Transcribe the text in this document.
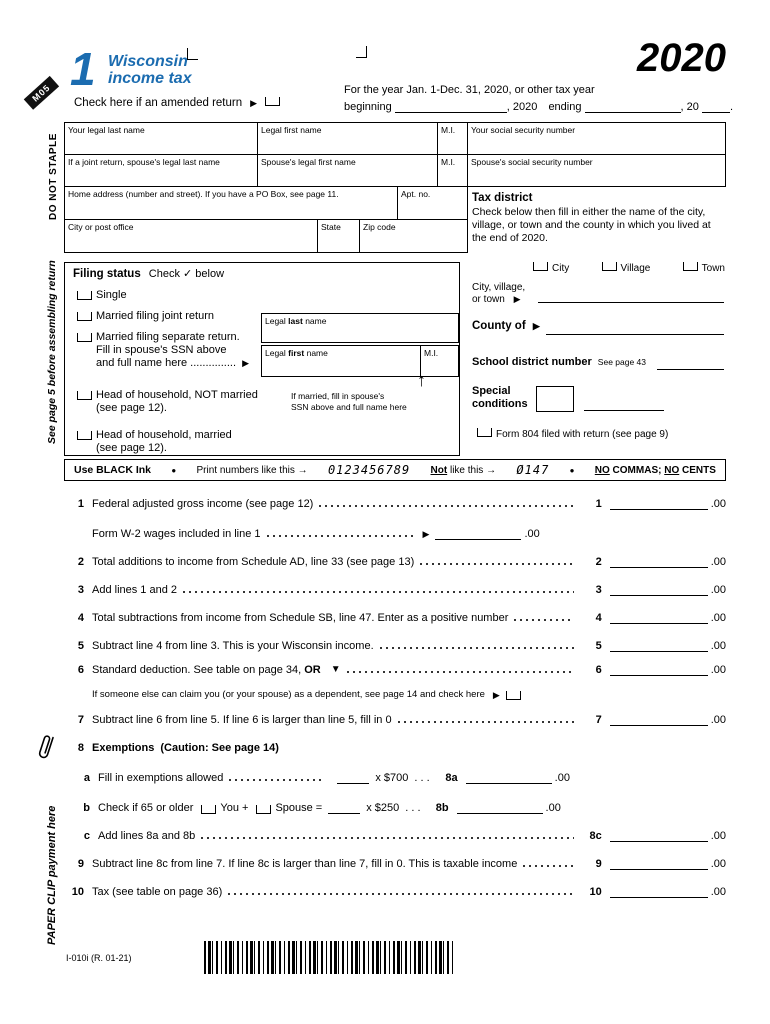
M05
DO NOT STAPLE
See page 5 before assembling return
PAPER CLIP payment here
1 Wisconsin
income tax	2020
For the year Jan. 1-Dec. 31, 2020, or other tax year
Check here if an amended return ▶	beginning	, 2020 ending	, 20	.
Your legal last name	Legal first name	M.I.	Your social security number
If a joint return, spouse's legal last name	Spouse's legal first name	M.I.	Spouse's social security number
Home address (number and street). If you have a PO Box, see page 11.	Apt. no.
City or post office	State	Zip code
Tax district
Check below then fill in either the name of the city, village, or town and the county in which you lived at the end of 2020.
City	Village	Town
City, village,
or town ▶
County of ▶
School district number See page 43
Special
conditions
Form 804 filed with return (see page 9)
Filing status Check ✓ below
Single
Married filing joint return
Married filing separate return.
Fill in spouse's SSN above
and full name here ............... ▶
Legal last name
Legal first name	M.I.
Head of household, NOT married
(see page 12).
↑
If married, fill in spouse's
SSN above and full name here
Head of household, married
(see page 12).
Use BLACK Ink	● Print numbers like this → 0123456789 Not like this → Ø147	● NO COMMAS; NO CENTS
1 Federal adjusted gross income (see page 12)	1	.00
Form W-2 wages included in line 1	▶	.00
2 Total additions to income from Schedule AD, line 33 (see page 13)	2	.00
3 Add lines 1 and 2	3	.00
4 Total subtractions from income from Schedule SB, line 47. Enter as a positive number	4	.00
5 Subtract line 4 from line 3. This is your Wisconsin income.	5	.00
6 Standard deduction. See table on page 34, OR ▼	6	.00
If someone else can claim you (or your spouse) as a dependent, see page 14 and check here ▶
7 Subtract line 6 from line 5. If line 6 is larger than line 5, fill in 0	7	.00
8 Exemptions (Caution: See page 14)
a Fill in exemptions allowed	x $700 . . .	8a	.00
b Check if 65 or older You + Spouse =	x $250 . . .	8b	.00
c Add lines 8a and 8b	8c	.00
9 Subtract line 8c from line 7. If line 8c is larger than line 7, fill in 0. This is taxable income	9	.00
10 Tax (see table on page 36)	10	.00
I-010i (R. 01-21)
